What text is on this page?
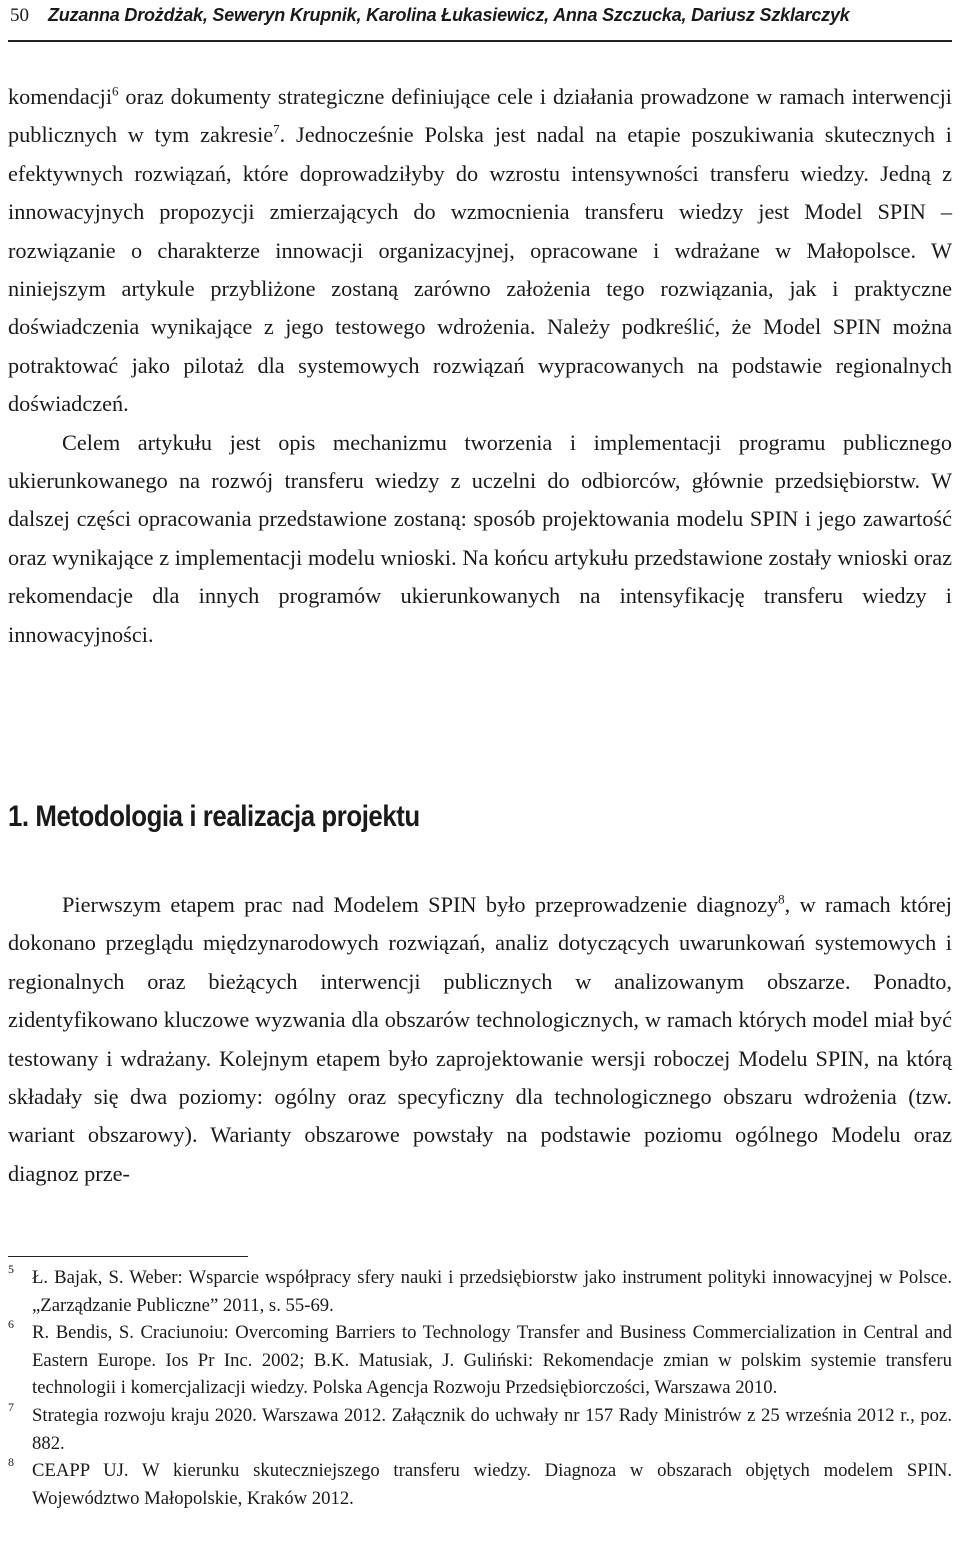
50 Zuzanna Drożdżak, Seweryn Krupnik, Karolina Łukasiewicz, Anna Szczucka, Dariusz Szklarczyk

komendacji$^6$ oraz dokumenty strategiczne definiujące cele i działania prowadzone w ramach interwencji publicznych w tym zakresie$^7$. Jednocześnie Polska jest nadal na etapie poszukiwania skutecznych i efektywnych rozwiązań, które doprowadziłyby do wzrostu intensywności transferu wiedzy. Jedną z innowacyjnych propozycji zmierzających do wzmocnienia transferu wiedzy jest Model SPIN – rozwiązanie o charakterze innowacji organizacyjnej, opracowane i wdrażane w Małopolsce. W niniejszym artykule przybliżone zostaną zarówno założenia tego rozwiązania, jak i praktyczne doświadczenia wynikające z jego testowego wdrożenia. Należy podkreślić, że Model SPIN można potraktować jako pilotaż dla systemowych rozwiązań wypracowanych na podstawie regionalnych doświadczeń.

Celem artykułu jest opis mechanizmu tworzenia i implementacji programu publicznego ukierunkowanego na rozwój transferu wiedzy z uczelni do odbiorców, głównie przedsiębiorstw. W dalszej części opracowania przedstawione zostaną: sposób projektowania modelu SPIN i jego zawartość oraz wynikające z implementacji modelu wnioski. Na końcu artykułu przedstawione zostały wnioski oraz rekomendacje dla innych programów ukierunkowanych na intensyfikację transferu wiedzy i innowacyjności.

1. Metodologia i realizacja projektu

Pierwszym etapem prac nad Modelem SPIN było przeprowadzenie diagnozy$^8$, w ramach której dokonano przeglądu międzynarodowych rozwiązań, analiz dotyczących uwarunkowań systemowych i regionalnych oraz bieżących interwencji publicznych w analizowanym obszarze. Ponadto, zidentyfikowano kluczowe wyzwania dla obszarów technologicznych, w ramach których model miał być testowany i wdrażany. Kolejnym etapem było zaprojektowanie wersji roboczej Modelu SPIN, na którą składały się dwa poziomy: ogólny oraz specyficzny dla technologicznego obszaru wdrożenia (tzw. wariant obszarowy). Warianty obszarowe powstały na podstawie poziomu ogólnego Modelu oraz diagnoz prze-

5 Ł. Bajak, S. Weber: Wsparcie współpracy sfery nauki i przedsiębiorstw jako instrument polityki innowacyjnej w Polsce. „Zarządzanie Publiczne” 2011, s. 55-69.
6 R. Bendis, S. Craciunoiu: Overcoming Barriers to Technology Transfer and Business Commercialization in Central and Eastern Europe. Ios Pr Inc. 2002; B.K. Matusiak, J. Guliński: Rekomendacje zmian w polskim systemie transferu technologii i komercjalizacji wiedzy. Polska Agencja Rozwoju Przedsiębiorczości, Warszawa 2010.
7 Strategia rozwoju kraju 2020. Warszawa 2012. Załącznik do uchwały nr 157 Rady Ministrów z 25 września 2012 r., poz. 882.
8 CEAPP UJ. W kierunku skuteczniejszego transferu wiedzy. Diagnoza w obszarach objętych modelem SPIN. Województwo Małopolskie, Kraków 2012.
